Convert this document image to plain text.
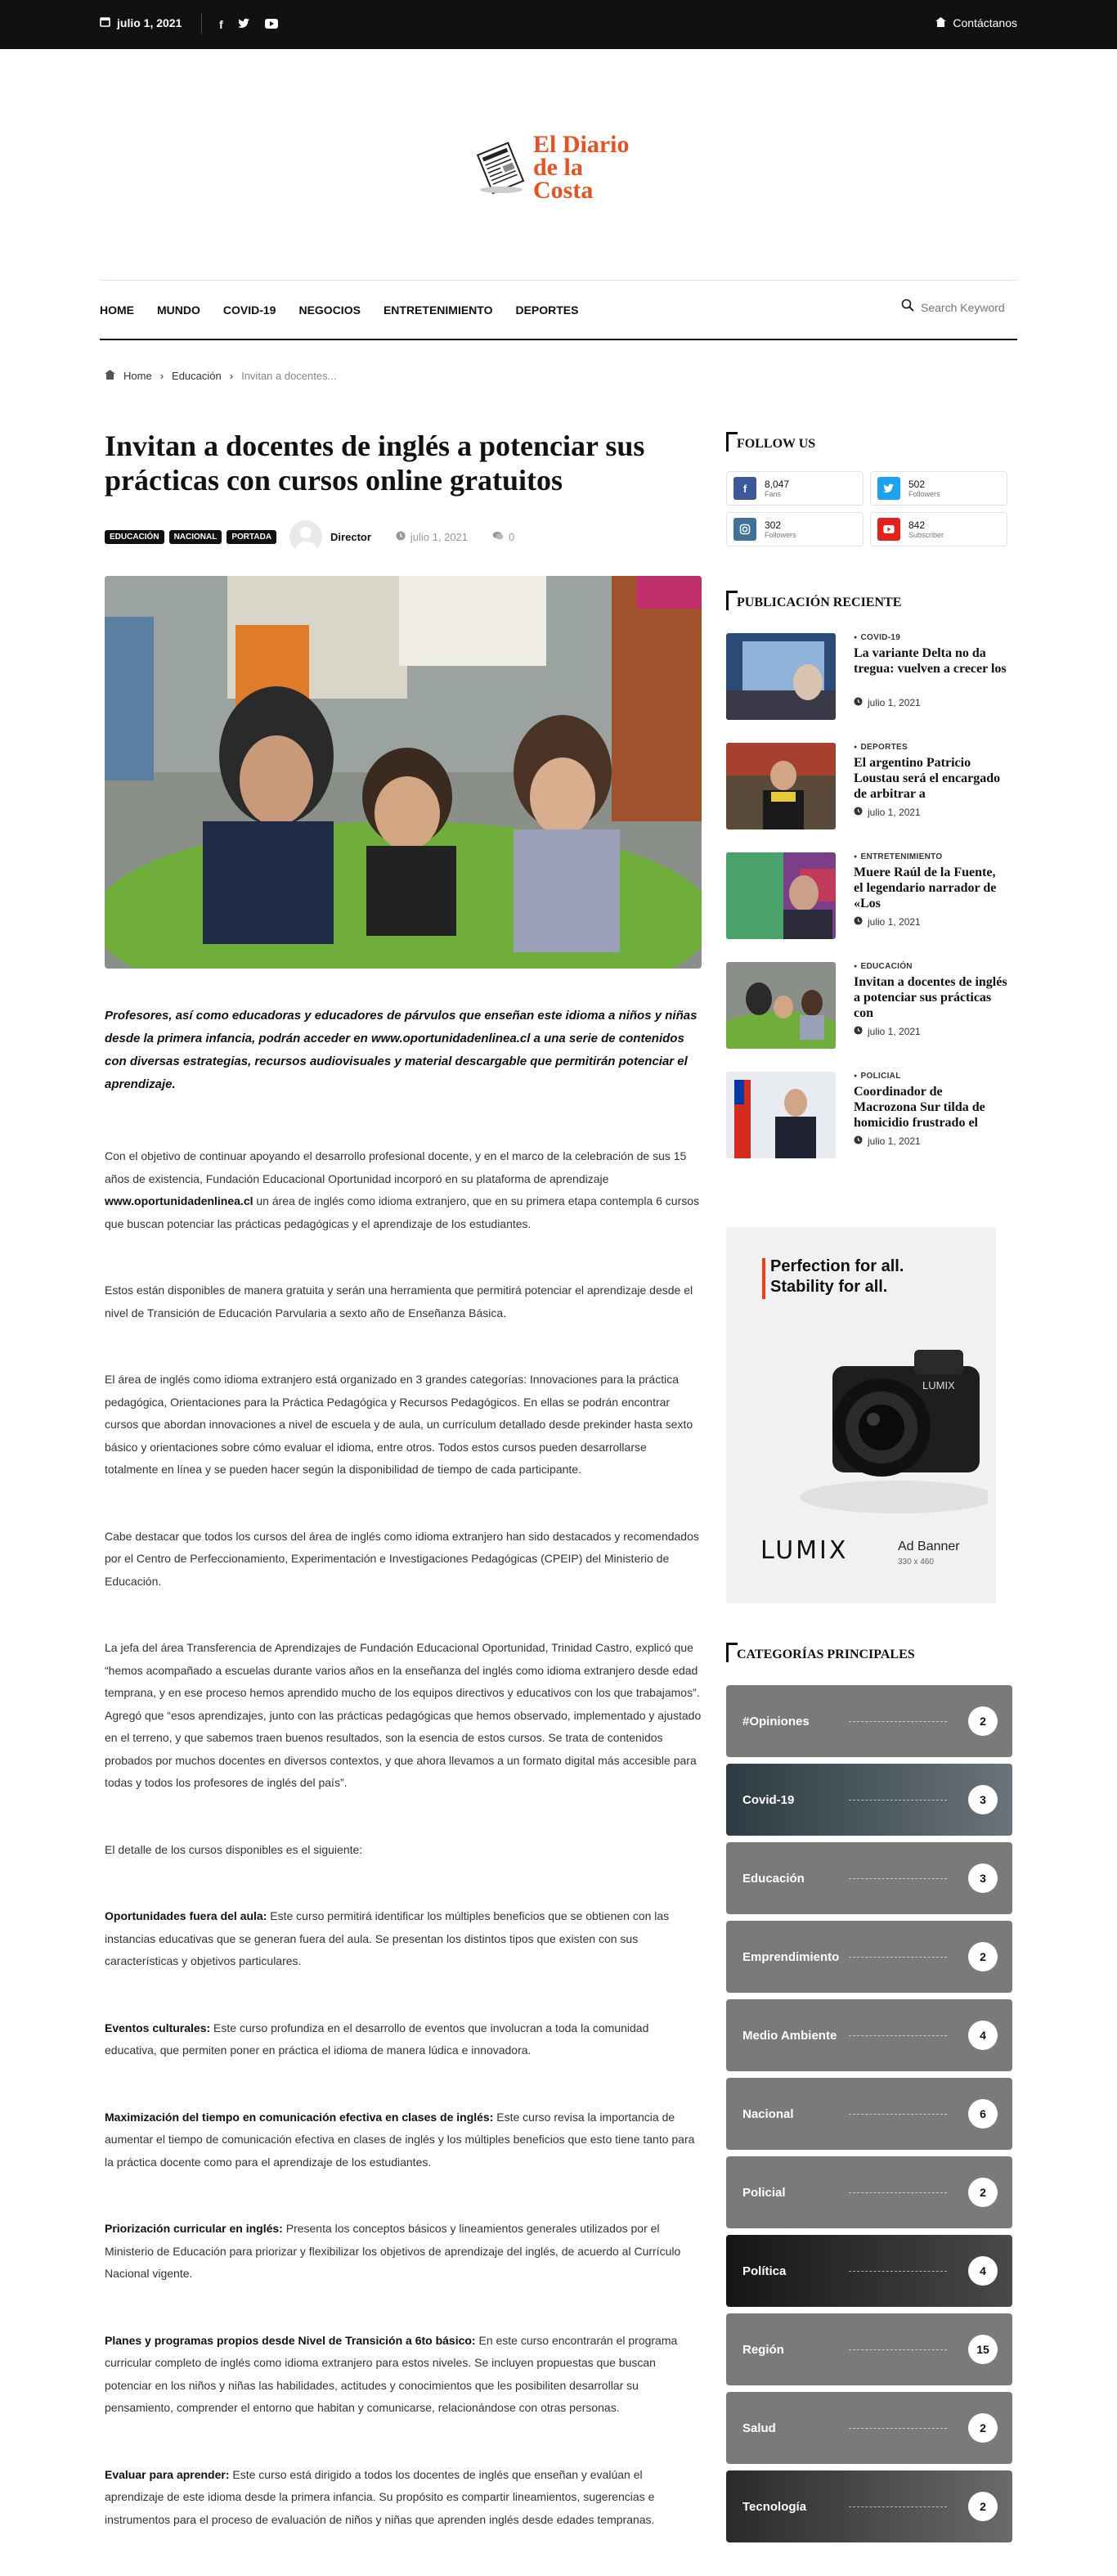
julio 1, 2021	f	Contáctanos
El Diario
de la Costa
HOME MUNDO COVID-19 NEGOCIOS ENTRETENIMIENTO DEPORTES
Search Keyword
Home › Educación › Invitan a docentes...
Invitan a docentes de inglés a potenciar sus prácticas con cursos online gratuitos
EDUCACIÓN	NACIONAL	PORTADA	Director	julio 1, 2021	0

Profesores, así como educadoras y educadores de párvulos que enseñan este idioma a niños y niñas desde la primera infancia, podrán acceder en www.oportunidadenlinea.cl a una serie de contenidos con diversas estrategias, recursos audiovisuales y material descargable que permitirán potenciar el aprendizaje.

Con el objetivo de continuar apoyando el desarrollo profesional docente, y en el marco de la celebración de sus 15 años de existencia, Fundación Educacional Oportunidad incorporó en su plataforma de aprendizaje www.oportunidadenlinea.cl un área de inglés como idioma extranjero, que en su primera etapa contempla 6 cursos que buscan potenciar las prácticas pedagógicas y el aprendizaje de los estudiantes.

Estos están disponibles de manera gratuita y serán una herramienta que permitirá potenciar el aprendizaje desde el nivel de Transición de Educación Parvularia a sexto año de Enseñanza Básica.

El área de inglés como idioma extranjero está organizado en 3 grandes categorías: Innovaciones para la práctica pedagógica, Orientaciones para la Práctica Pedagógica y Recursos Pedagógicos. En ellas se podrán encontrar cursos que abordan innovaciones a nivel de escuela y de aula, un currículum detallado desde prekinder hasta sexto básico y orientaciones sobre cómo evaluar el idioma, entre otros. Todos estos cursos pueden desarrollarse totalmente en línea y se pueden hacer según la disponibilidad de tiempo de cada participante.

Cabe destacar que todos los cursos del área de inglés como idioma extranjero han sido destacados y recomendados por el Centro de Perfeccionamiento, Experimentación e Investigaciones Pedagógicas (CPEIP) del Ministerio de Educación.

La jefa del área Transferencia de Aprendizajes de Fundación Educacional Oportunidad, Trinidad Castro, explicó que “hemos acompañado a escuelas durante varios años en la enseñanza del inglés como idioma extranjero desde edad temprana, y en ese proceso hemos aprendido mucho de los equipos directivos y educativos con los que trabajamos”. Agregó que “esos aprendizajes, junto con las prácticas pedagógicas que hemos observado, implementado y ajustado en el terreno, y que sabemos traen buenos resultados, son la esencia de estos cursos. Se trata de contenidos probados por muchos docentes en diversos contextos, y que ahora llevamos a un formato digital más accesible para todas y todos los profesores de inglés del país”.

El detalle de los cursos disponibles es el siguiente:

Oportunidades fuera del aula: Este curso permitirá identificar los múltiples beneficios que se obtienen con las instancias educativas que se generan fuera del aula. Se presentan los distintos tipos que existen con sus características y objetivos particulares.

Eventos culturales: Este curso profundiza en el desarrollo de eventos que involucran a toda la comunidad educativa, que permiten poner en práctica el idioma de manera lúdica e innovadora.

Maximización del tiempo en comunicación efectiva en clases de inglés: Este curso revisa la importancia de aumentar el tiempo de comunicación efectiva en clases de inglés y los múltiples beneficios que esto tiene tanto para la práctica docente como para el aprendizaje de los estudiantes.

Priorización curricular en inglés: Presenta los conceptos básicos y lineamientos generales utilizados por el Ministerio de Educación para priorizar y flexibilizar los objetivos de aprendizaje del inglés, de acuerdo al Currículo Nacional vigente.

Planes y programas propios desde Nivel de Transición a 6to básico: En este curso encontrarán el programa curricular completo de inglés como idioma extranjero para estos niveles. Se incluyen propuestas que buscan potenciar en los niños y niñas las habilidades, actitudes y conocimientos que les posibiliten desarrollar su pensamiento, comprender el entorno que habitan y comunicarse, relacionándose con otras personas.

Evaluar para aprender: Este curso está dirigido a todos los docentes de inglés que enseñan y evalúan el aprendizaje de este idioma desde la primera infancia. Su propósito es compartir lineamientos, sugerencias e instrumentos para el proceso de evaluación de niños y niñas que aprenden inglés desde edades tempranas.

FOLLOW US
f	8,047
Fans
502
Followers
302
Followers
842
Subscriber
PUBLICACIÓN RECIENTE
● COVID-19
La variante Delta no da tregua: vuelven a crecer los
julio 1, 2021
● DEPORTES
El argentino Patricio Loustau será el encargado de arbitrar a
julio 1, 2021
● ENTRETENIMIENTO
Muere Raúl de la Fuente, el legendario narrador de «Los
julio 1, 2021
● EDUCACIÓN
Invitan a docentes de inglés a potenciar sus prácticas con
julio 1, 2021
● POLICIAL
Coordinador de Macrozona Sur tilda de homicidio frustrado el
julio 1, 2021
Perfection for all.
Stability for all.
LUMIX
LUMIX	Ad Banner
330 x 460
CATEGORÍAS PRINCIPALES
#Opiniones	2
Covid-19	3
Educación	3
Emprendimiento	2
Medio Ambiente	4
Nacional	6
Policial	2
Política	4
Región	15
Salud	2
Tecnología	2
